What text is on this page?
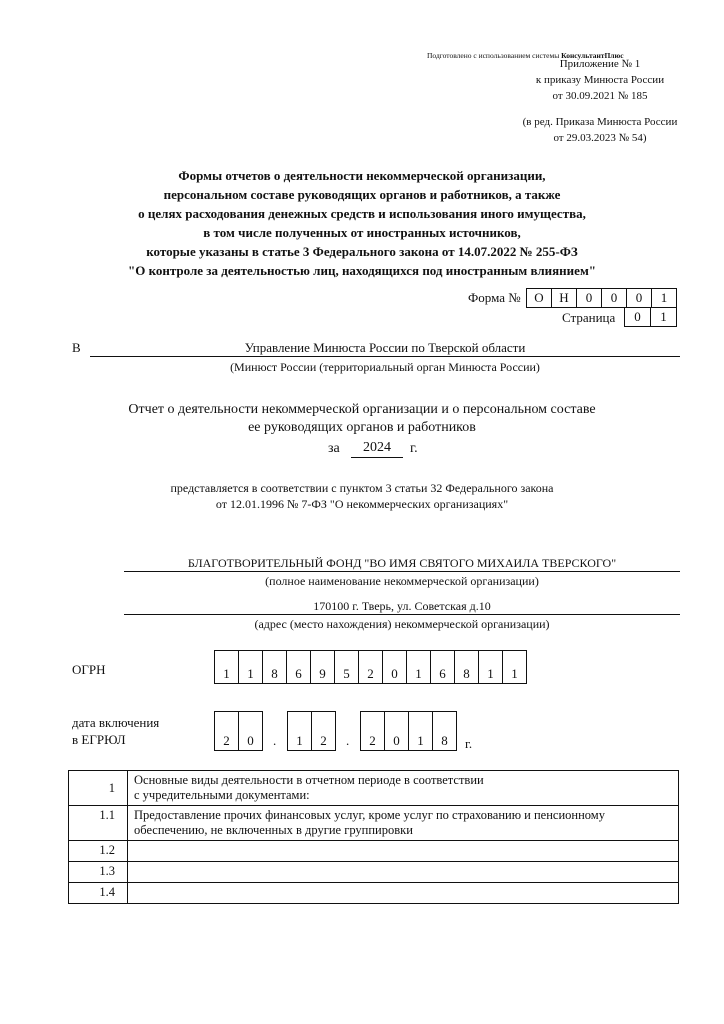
Подготовлено с использованием системы КонсультантПлюс
Приложение № 1
к приказу Минюста России
от 30.09.2021 № 185
(в ред. Приказа Минюста России
от 29.03.2023 № 54)
Формы отчетов о деятельности некоммерческой организации,
персональном составе руководящих органов и работников, а также
о целях расходования денежных средств и использования иного имущества,
в том числе полученных от иностранных источников,
которые указаны в статье 3 Федерального закона от 14.07.2022 № 255-ФЗ
"О контроле за деятельностью лиц, находящихся под иностранным влиянием"
Форма №	О	Н	0	0	0	1
Страница	0	1
В	Управление Минюста России по Тверской области
(Минюст России (территориальный орган Минюста России)
Отчет о деятельности некоммерческой организации и о персональном составе
ее руководящих органов и работников
за	2024	г.
представляется в соответствии с пунктом 3 статьи 32 Федерального закона
от 12.01.1996 № 7-ФЗ "О некоммерческих организациях"
БЛАГОТВОРИТЕЛЬНЫЙ ФОНД "ВО ИМЯ СВЯТОГО МИХАИЛА ТВЕРСКОГО"
(полное наименование некоммерческой организации)
170100 г. Тверь, ул. Советская д.10
(адрес (место нахождения) некоммерческой организации)
ОГРН	1	1	8	6	9	5	2	0	1	6	8	1	1
дата включения
в ЕГРЮЛ	2	0	.	1	2	.	2	0	1	8	г.
1	Основные виды деятельности в отчетном периоде в соответствии
с учредительными документами:

1.1	Предоставление прочих финансовых услуг, кроме услуг по страхованию и пенсионному
обеспечению, не включенных в другие группировки

1.2	
1.3	
1.4	
